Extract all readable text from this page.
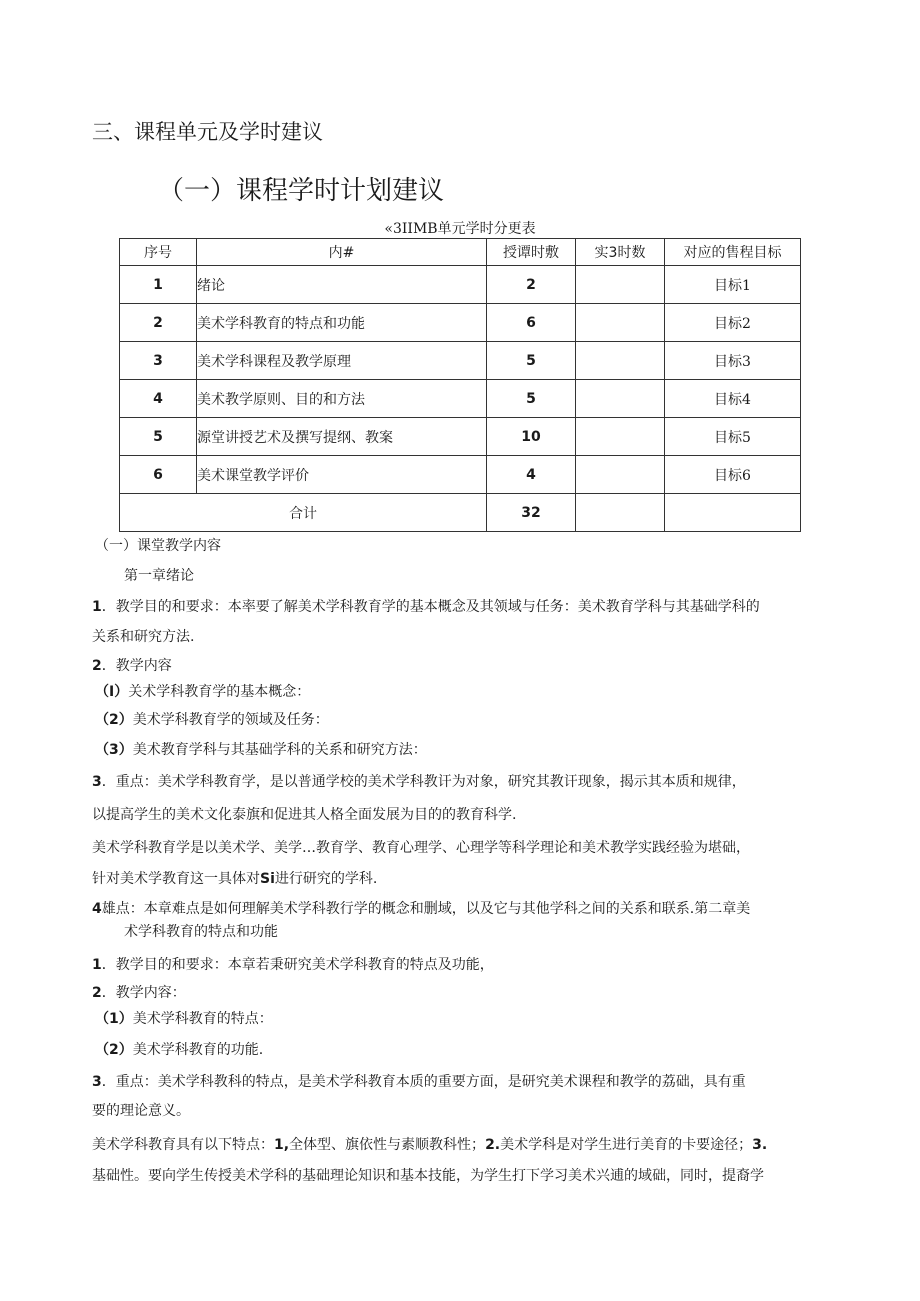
三、课程单元及学时建议
（一）课程学时计划建议
«3IIMB单元学时分更表
序号	内#	授谭时敷	实3时数	对应的售程目标
1	绪论	2		目标1
2	美术学科教育的特点和功能	6		目标2
3	美术学科课程及教学原理	5		目标3
4	美术教学原则、目的和方法	5		目标4
5	源堂讲授艺术及撰写提纲、教案	10		目标5
6	美术课堂教学评价	4		目标6
合计		32		
（一）课堂教学内容
第一章绪论
1．教学目的和要求：本率要了解美术学科教育学的基本概念及其领域与任务：美术教育学科与其基础学科的
关系和研究方法.
2．教学内容
（I）关术学科教育学的基本概念：
（2）美术学科教育学的领域及任务：
（3）美术教育学科与其基础学科的关系和研究方法：
3．重点：美术学科教育学，是以普通学校的美术学科教讦为对象，研究其教讦现象，揭示其本质和规律，
以提高学生的美术文化泰旗和促进其人格全面发展为目的的教育科学.
美术学科教育学是以美术学、美学…教育学、教育心理学、心理学等科学理论和美术教学实践经验为堪础，
针对美术学教育这一具体对Si进行研究的学科.
4雄点：本章难点是如何理解美术学科教行学的概念和删域，以及它与其他学科之间的关系和联系.第二章美
术学科教育的特点和功能
1．教学目的和要求：本章若秉研究美术学科教育的特点及功能，
2．教学内容：
（1）美术学科教育的特点：
（2）美术学科教育的功能.
3．重点：美术学科教科的特点，是美术学科教育本质的重要方面，是研究美术课程和教学的荔础，具有重
要的理论意义。
美术学科教育具有以下特点：1,全体型、旗依性与素顺教科性；2.美术学科是对学生进行美育的卡要途径；3.
基础性。要向学生传授美术学科的基础理论知识和基本技能，为学生打下学习美术兴逋的域础，同时，提裔学
